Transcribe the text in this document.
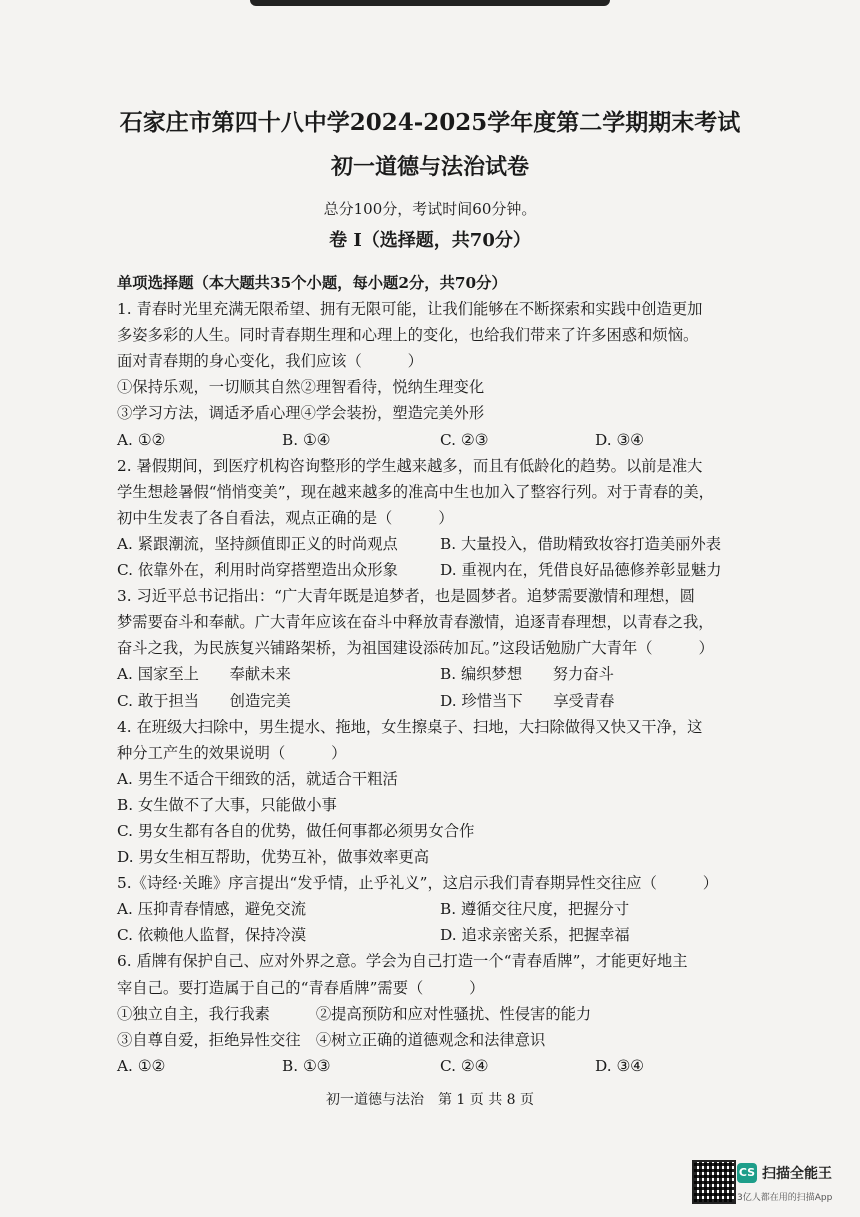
石家庄市第四十八中学2024-2025学年度第二学期期末考试
初一道德与法治试卷
总分100分，考试时间60分钟。
卷 I（选择题，共70分）
单项选择题（本大题共35个小题，每小题2分，共70分）
1. 青春时光里充满无限希望、拥有无限可能，让我们能够在不断探索和实践中创造更加
多姿多彩的人生。同时青春期生理和心理上的变化，也给我们带来了许多困惑和烦恼。
面对青春期的身心变化，我们应该（　　　）
①保持乐观，一切顺其自然②理智看待，悦纳生理变化
③学习方法，调适矛盾心理④学会装扮，塑造完美外形
A. ①②	B. ①④	C. ②③	D. ③④
2. 暑假期间，到医疗机构咨询整形的学生越来越多，而且有低龄化的趋势。以前是准大
学生想趁暑假“悄悄变美”，现在越来越多的准高中生也加入了整容行列。对于青春的美，
初中生发表了各自看法，观点正确的是（　　　）
A. 紧跟潮流，坚持颜值即正义的时尚观点	B. 大量投入，借助精致妆容打造美丽外表
C. 依靠外在，利用时尚穿搭塑造出众形象	D. 重视内在，凭借良好品德修养彰显魅力
3. 习近平总书记指出：“广大青年既是追梦者，也是圆梦者。追梦需要激情和理想，圆
梦需要奋斗和奉献。广大青年应该在奋斗中释放青春激情，追逐青春理想，以青春之我，
奋斗之我，为民族复兴铺路架桥，为祖国建设添砖加瓦。”这段话勉励广大青年（　　　）
A. 国家至上　　奉献未来	B. 编织梦想　　努力奋斗
C. 敢于担当　　创造完美	D. 珍惜当下　　享受青春
4. 在班级大扫除中，男生提水、拖地，女生擦桌子、扫地，大扫除做得又快又干净，这
种分工产生的效果说明（　　　）
A. 男生不适合干细致的活，就适合干粗活
B. 女生做不了大事，只能做小事
C. 男女生都有各自的优势，做任何事都必须男女合作
D. 男女生相互帮助，优势互补，做事效率更高
5.《诗经·关雎》序言提出“发乎情，止乎礼义”，这启示我们青春期异性交往应（　　　）
A. 压抑青春情感，避免交流	B. 遵循交往尺度，把握分寸
C. 依赖他人监督，保持冷漠	D. 追求亲密关系，把握幸福
6. 盾牌有保护自己、应对外界之意。学会为自己打造一个“青春盾牌”，才能更好地主
宰自己。要打造属于自己的“青春盾牌”需要（　　　）
①独立自主，我行我素　　　②提高预防和应对性骚扰、性侵害的能力
③自尊自爱，拒绝异性交往　④树立正确的道德观念和法律意识
A. ①②	B. ①③	C. ②④	D. ③④
初一道德与法治　第 1 页 共 8 页
CS 扫描全能王
3亿人都在用的扫描App
